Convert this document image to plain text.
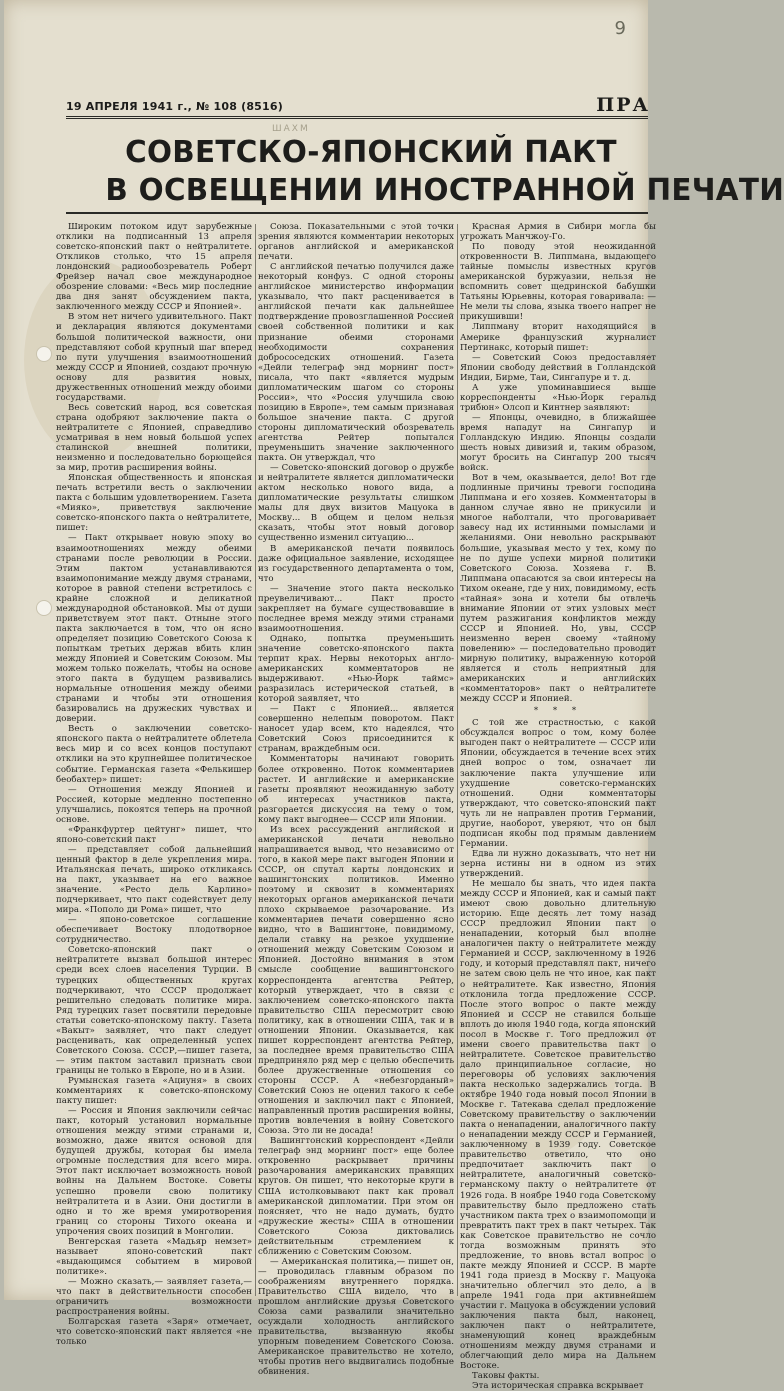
9
19 АПРЕЛЯ 1941 г., № 108 (8516)	ПРА
ШАХМ
СОВЕТСКО-ЯПОНСКИЙ ПАКТ
В ОСВЕЩЕНИИ ИНОСТРАННОЙ ПЕЧАТИ

Широким потоком идут зарубежные отклики на подписанный 13 апреля советско-японский пакт о нейтралитете. Откликов столько, что 15 апреля лондонский радиообозреватель Роберт Фрейзер начал свое международное обозрение словами: «Весь мир последние два дня занят обсуждением пакта, заключенного между СССР и Японией».

В этом нет ничего удивительного. Пакт и декларация являются документами большой политической важности, они представляют собой крупный шаг вперед по пути улучшения взаимоотношений между СССР и Японией, создают прочную основу для развития новых, дружественных отношений между обоими государствами.

Весь советский народ, вся советская страна одобряют заключение пакта о нейтралитете с Японией, справедливо усматривая в нем новый большой успех сталинской внешней политики, неизменно и последовательно борющейся за мир, против расширения войны.

Японская общественность и японская печать встретили весть о заключении пакта с большим удовлетворением. Газета «Мияко», приветствуя заключение советско-японского пакта о нейтралитете, пишет:

— Пакт открывает новую эпоху во взаимоотношениях между обеими странами после революции в России. Этим пактом устанавливаются взаимопонимание между двумя странами, которое в равной степени встретилось с крайне сложной и деликатной международной обстановкой. Мы от души приветствуем этот пакт. Отныне этого пакта заключается в том, что он ясно определяет позицию Советского Союза к попыткам третьих держав вбить клин между Японией и Советским Союзом. Мы можем только пожелать, чтобы на основе этого пакта в будущем развивались нормальные отношения между обеими странами и чтобы эти отношения базировались на дружеских чувствах и доверии.

Весть о заключении советско-японского пакта о нейтралитете облетела весь мир и со всех концов поступают отклики на это крупнейшее политическое событие. Германская газета «Фелькишер беобахтер» пишет:

— Отношения между Японией и Россией, которые медленно постепенно улучшались, покоятся теперь на прочной основе.

«Франкфуртер цейтунг» пишет, что японо-советский пакт

— представляет собой дальнейший ценный фактор в деле укрепления мира. Итальянская печать, широко откликаясь на пакт, указывает на его важное значение. «Ресто дель Карлино» подчеркивает, что пакт содействует делу мира. «Пополо ди Рома» пишет, что

— японо-советское соглашение обеспечивает Востоку плодотворное сотрудничество.

Советско-японский пакт о нейтралитете вызвал большой интерес среди всех слоев населения Турции. В турецких общественных кругах подчеркивают, что СССР продолжает решительно следовать политике мира. Ряд турецких газет посвятили передовые статьи советско-японскому пакту. Газета «Вакыт» заявляет, что пакт следует расценивать, как определенный успех Советского Союза. СССР,—пишет газета,— этим пактом заставил признать свои границы не только в Европе, но и в Азии.

Румынская газета «Ациуня» в своих комментариях к советско-японскому пакту пишет:

— Россия и Япония заключили сейчас пакт, который установил нормальные отношения между этими странами и, возможно, даже явится основой для будущей дружбы, которая бы имела огромные последствия для всего мира. Этот пакт исключает возможность новой войны на Дальнем Востоке. Советы успешно провели свою политику нейтралитета и в Азии. Они достигли в одно и то же время умиротворения границ со стороны Тихого океана и упрочения своих позиций в Монголии.

Венгерская газета «Мадьяр немзет» называет японо-советский пакт «выдающимся событием в мировой политике».

— Можно сказать,— заявляет газета,— что пакт в действительности способен ограничить возможности распространения войны.

Болгарская газета «Заря» отмечает, что советско-японский пакт является «не только

Союза. Показательными с этой точки зрения являются комментарии некоторых органов английской и американской печати.

С английской печатью получился даже некоторый конфуз. С одной стороны английское министерство информации указывало, что пакт расценивается в английской печати как дальнейшее подтверждение провозглашенной Россией своей собственной политики и как признание обеими сторонами необходимости сохранения добрососедских отношений. Газета «Дейли телеграф энд морнинг пост» писала, что пакт «является мудрым дипломатическим шагом со стороны России», что «Россия улучшила свою позицию в Европе», тем самым признавая большое значение пакта. С другой стороны дипломатический обозреватель агентства Рейтер попытался преуменьшить значение заключенного пакта. Он утверждал, что

— Советско-японский договор о дружбе и нейтралитете является дипломатически актом несколько нового вида, а дипломатические результаты слишком малы для двух визитов Мацуока в Москву... В общем и целом нельзя сказать, чтобы этот новый договор существенно изменил ситуацию...

В американской печати появилось даже официальное заявление, исходящее из государственного департамента о том, что

— Значение этого пакта несколько преувеличивают... Пакт просто закрепляет на бумаге существовавшие в последнее время между этими странами взаимоотношения.

Однако, попытка преуменьшить значение советско-японского пакта терпит крах. Нервы некоторых англо-американских комментаторов не выдерживают. «Нью-Йорк таймс» разразилась истерической статьей, в которой заявляет, что

— Пакт с Японией... является совершенно нелепым поворотом. Пакт наносет удар всем, кто надеялся, что Советский Союз присоединится к странам, враждебным оси.

Комментаторы начинают говорить более откровенно. Поток комментариев растет. И английские и американские газеты проявляют неожиданную заботу об интересах участников пакта, разгорается дискуссия на тему о том, кому пакт выгоднее— СССР или Японии.

Из всех рассуждений английской и американской печати невольно напрашивается вывод, что независимо от того, в какой мере пакт выгоден Японии и СССР, он спутал карты лондонских и вашингтонских политиков. Именно поэтому и сквозит в комментариях некоторых органов американской печати плохо скрываемое разочарование. Из комментариев печати совершенно ясно видно, что в Вашингтоне, повидимому, делали ставку на резкое ухудшение отношений между Советским Союзом и Японией. Достойно внимания в этом смысле сообщение вашингтонского корреспондента агентства Рейтер, который утверждает, что в связи с заключением советско-японского пакта правительство США пересмотрит свою политику, как в отношении США, так и в отношении Японии. Оказывается, как пишет корреспондент агентства Рейтер, за последнее время правительство США предприняло ряд мер с целью обеспечить более дружественные отношения со стороны СССР. А «небезгорданый» Советский Союз не оценил такого к себе отношения и заключил пакт с Японией, направленный против расширения войны, против вовлечения в войну Советского Союза. Это ли не досада!

Вашингтонский корреспондент «Дейли телеграф энд морнинг пост» еще более откровенно раскрывает причины разочарования американских правящих кругов. Он пишет, что некоторые круги в США истолковывают пакт как провал американской дипломатии. При этом он поясняет, что не надо думать, будто «дружеские жесты» США в отношении Советского Союза диктовались действительным стремлением к сближению с Советским Союзом.

— Американская политика,— пишет он,— проводилась главным образом по соображениям внутреннего порядка. Правительство США видело, что в прошлом английские друзья Советского Союза сами развалили значительно осуждали холодность английского правительства, вызванную якобы упорным поведением Советского Союза. Американское правительство не хотело, чтобы против него выдвигались подобные обвинения.

Красная Армия в Сибири могла бы угрожать Манчжоу-Го.

По поводу этой неожиданной откровенности В. Липпмана, выдающего тайные помыслы известных кругов американской буржуазии, нельзя не вспомнить совет щедринской бабушки Татьяны Юрьевны, которая говаривала: — Не мели ты слова, языка твоего напрег не прикушивши!

Липпману вторит находящийся в Америке французский журналист Пертинакс, который пишет:

— Советский Союз предоставляет Японии свободу действий в Голландской Индии, Бирме, Таи, Сингапуре и т. д.

А уже упоминавшиеся выше корреспонденты «Нью-Йорк геральд трибюн» Олсоп и Кинтнер заявляют:

— Японцы, очевидно, в ближайшее время нападут на Сингапур и Голландскую Индию. Японцы создали шесть новых дивизий и, таким образом, могут бросить на Сингапур 200 тысяч войск.

Вот в чем, оказывается, дело! Вот где подлинные причины тревоги господина Липпмана и его хозяев. Комментаторы в данном случае явно не прикусили и многое наболтали, что проговаривает завесу над их истинными помыслами и желаниями. Они невольно раскрывают большие, указывая место у тех, кому по не по душе успехи мирной политики Советского Союза. Хозяева г. В. Липпмана опасаются за свои интересы на Тихом океане, где у них, повидимому, есть «тайная» зона и хотели бы отвлечь внимание Японии от этих узловых мест путем разжигания конфликтов между СССР и Японией. Но, увы, СССР неизменно верен своему «тайному повелению» — последовательно проводит мирную политику, выраженную которой является и столь неприятный для американских и английских «комментаторов» пакт о нейтралитете между СССР и Японией.

* * *

С той же страстностью, с какой обсуждался вопрос о том, кому более выгоден пакт о нейтралитете — СССР или Японии, обсуждается в течение всех этих дней вопрос о том, означает ли заключение пакта улучшение или ухудшение советско-германских отношений. Одни комментаторы утверждают, что советско-японский пакт чуть ли не направлен против Германии, другие, наоборот, уверяют, что он был подписан якобы под прямым давлением Германии.

Едва ли нужно доказывать, что нет ни зерна истины ни в одном из этих утверждений.

Не мешало бы знать, что идея пакта между СССР и Японией, как и самый пакт имеют свою довольно длительную историю. Еще десять лет тому назад СССР предложил Японии пакт о ненападении, который был вполне аналогичен пакту о нейтралитете между Германией и СССР, заключенному в 1926 году, и который представлял пакт, ничего не затем свою цель не что иное, как пакт о нейтралитете. Как известно, Япония отклонила тогда предложение СССР. После этого вопрос о пакте между Японией и СССР не ставился больше вплоть до июля 1940 года, когда японский посол в Москве г. Того предложил от имени своего правительства пакт о нейтралитете. Советское правительство дало принципиальное согласие, но переговоры об условиях заключения пакта несколько задержались тогда. В октябре 1940 года новый посол Японии в Москве г. Татекава сделал предложение Советскому правительству о заключении пакта о ненападении, аналогичного пакту о ненападении между СССР и Германией, заключенному в 1939 году. Советское правительство ответило, что оно предпочитает заключить пакт о нейтралитете, аналогичный советско-германскому пакту о нейтралитете от 1926 года. В ноябре 1940 года Советскому правительству было предложено стать участником пакта трех о взаимопомощи и превратить пакт трех в пакт четырех. Так как Советское правительство не сочло тогда возможным принять это предложение, то вновь встал вопрос о пакте между Японией и СССР. В марте 1941 года приезд в Москву г. Мацуока значительно облегчил это дело, а в апреле 1941 года при активнейшем участии г. Мацуока в обсуждении условий заключения пакта был, наконец, заключен пакт о нейтралитете, знаменующий конец враждебным отношениям между двумя странами и облегчающий дело мира на Дальнем Востоке.

Таковы факты.

Эта историческая справка вскрывает
